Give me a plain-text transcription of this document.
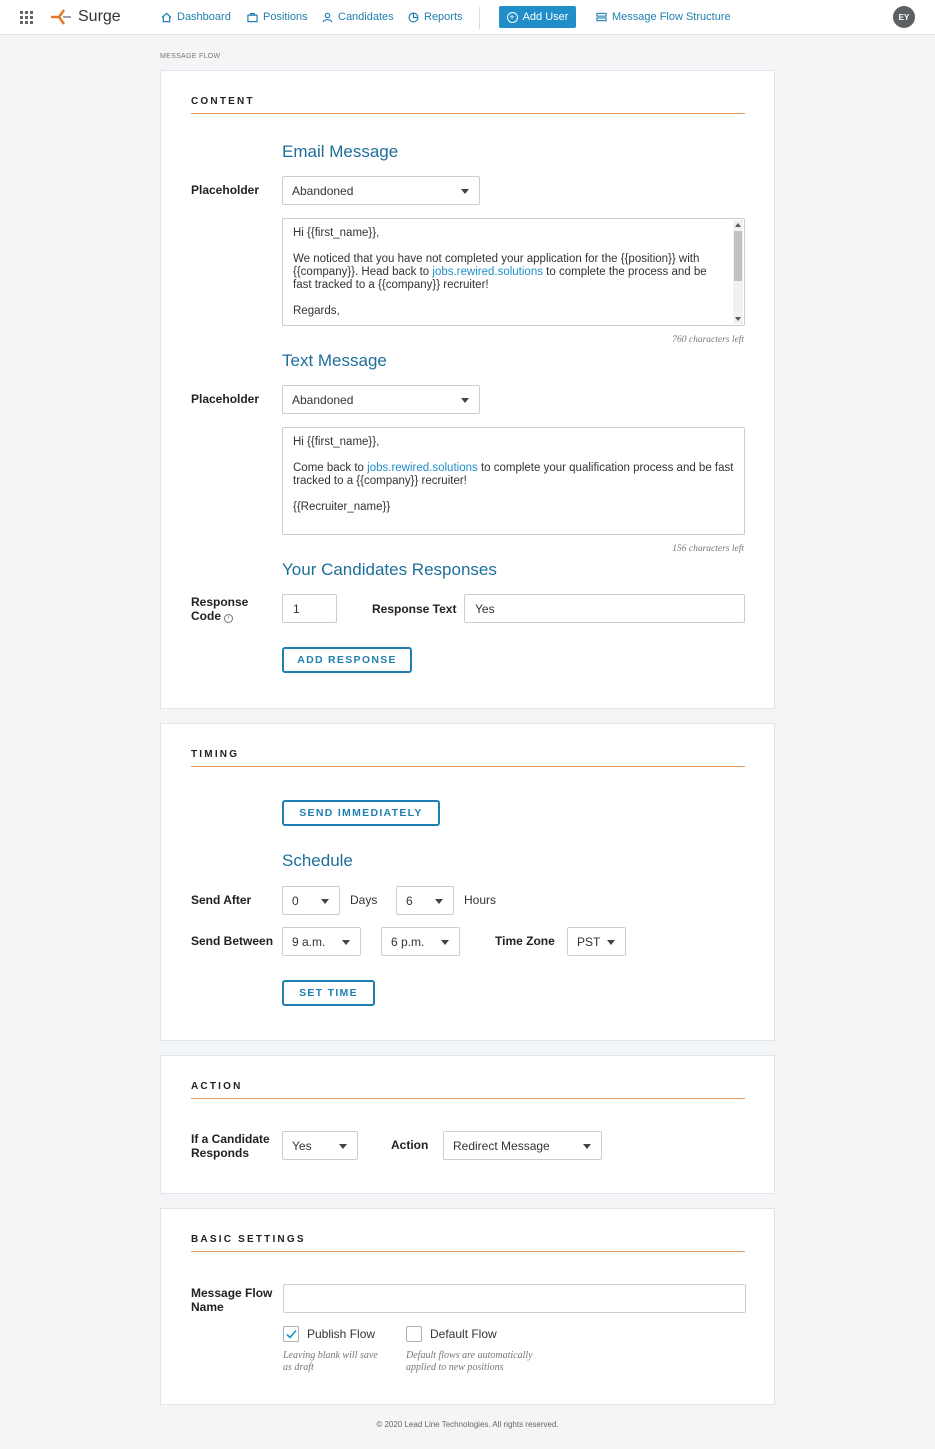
Surge	Dashboard	Positions	Candidates	Reports	+ Add User	Message Flow Structure	EY
MESSAGE FLOW
CONTENT
Email Message
Placeholder	Abandoned

Hi {{first_name}},

We noticed that you have not completed your application for the {{position}} with {{company}}. Head back to jobs.rewired.solutions to complete the process and be fast tracked to a {{company}} recruiter!

Regards,

760 characters left
Text Message
Placeholder	Abandoned

Hi {{first_name}},

Come back to jobs.rewired.solutions to complete your qualification process and be fast tracked to a {{company}} recruiter!

{{Recruiter_name}}

156 characters left
Your Candidates Responses
Response
Code i
1	Response Text	Yes
ADD RESPONSE
TIMING
SEND IMMEDIATELY
Schedule
Send After	0	Days 6	Hours
Send Between 9 a.m.	6 p.m.	Time Zone PST
SET TIME
ACTION
If a Candidate
Responds
Yes	Action Redirect Message
BASIC SETTINGS
Message Flow
Name
Publish Flow
Leaving blank will save as draft
Default Flow
Default flows are automatically applied to new positions
© 2020 Lead Line Technologies. All rights reserved.
